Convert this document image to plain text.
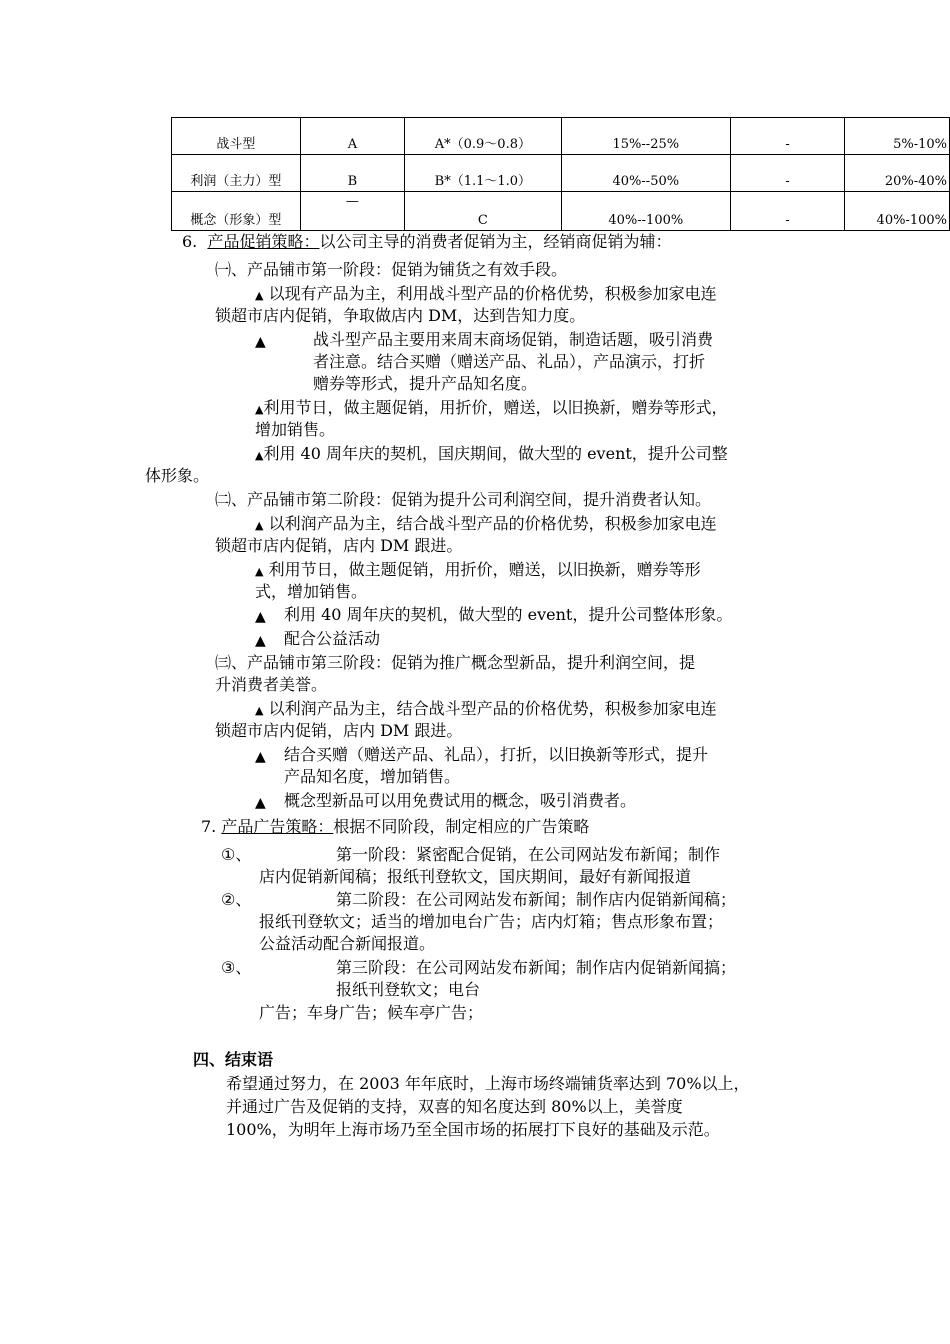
战斗型	A	A*（0.9～0.8）	15%--25%	-	5%-10%
利润（主力）型	B	B*（1.1～1.0）	40%--50%	-	20%-40%
概念（形象）型	—	C	40%--100%	-	40%-100%
6. 产品促销策略：以公司主导的消费者促销为主，经销商促销为辅：
㈠、产品铺市第一阶段：促销为铺货之有效手段。
▲ 以现有产品为主，利用战斗型产品的价格优势，积极参加家电连
锁超市店内促销，争取做店内 DM，达到告知力度。
▲	战斗型产品主要用来周末商场促销，制造话题，吸引消费
者注意。结合买赠（赠送产品、礼品），产品演示，打折
赠券等形式，提升产品知名度。
▲利用节日，做主题促销，用折价，赠送，以旧换新，赠券等形式，
增加销售。
▲利用 40 周年庆的契机，国庆期间，做大型的 event，提升公司整
体形象。
㈡、产品铺市第二阶段：促销为提升公司利润空间，提升消费者认知。
▲ 以利润产品为主，结合战斗型产品的价格优势，积极参加家电连
锁超市店内促销，店内 DM 跟进。
▲ 利用节日，做主题促销，用折价，赠送，以旧换新，赠券等形
式，增加销售。
▲ 利用 40 周年庆的契机，做大型的 event，提升公司整体形象。
▲ 配合公益活动
㈢、产品铺市第三阶段：促销为推广概念型新品，提升利润空间，提
升消费者美誉。
▲ 以利润产品为主，结合战斗型产品的价格优势，积极参加家电连
锁超市店内促销，店内 DM 跟进。
▲ 结合买赠（赠送产品、礼品），打折，以旧换新等形式，提升
产品知名度，增加销售。
▲ 概念型新品可以用免费试用的概念，吸引消费者。
7. 产品广告策略：根据不同阶段，制定相应的广告策略
①、	第一阶段：紧密配合促销，在公司网站发布新闻；制作
店内促销新闻稿；报纸刊登软文，国庆期间，最好有新闻报道
②、	第二阶段：在公司网站发布新闻；制作店内促销新闻稿；
报纸刊登软文；适当的增加电台广告；店内灯箱；售点形象布置；
公益活动配合新闻报道。
③、	第三阶段：在公司网站发布新闻；制作店内促销新闻搞；
报纸刊登软文；电台
广告；车身广告；候车亭广告；
四、结束语
希望通过努力，在 2003 年年底时，上海市场终端铺货率达到 70%以上，
并通过广告及促销的支持，双喜的知名度达到 80%以上，美誉度
100%，为明年上海市场乃至全国市场的拓展打下良好的基础及示范。
